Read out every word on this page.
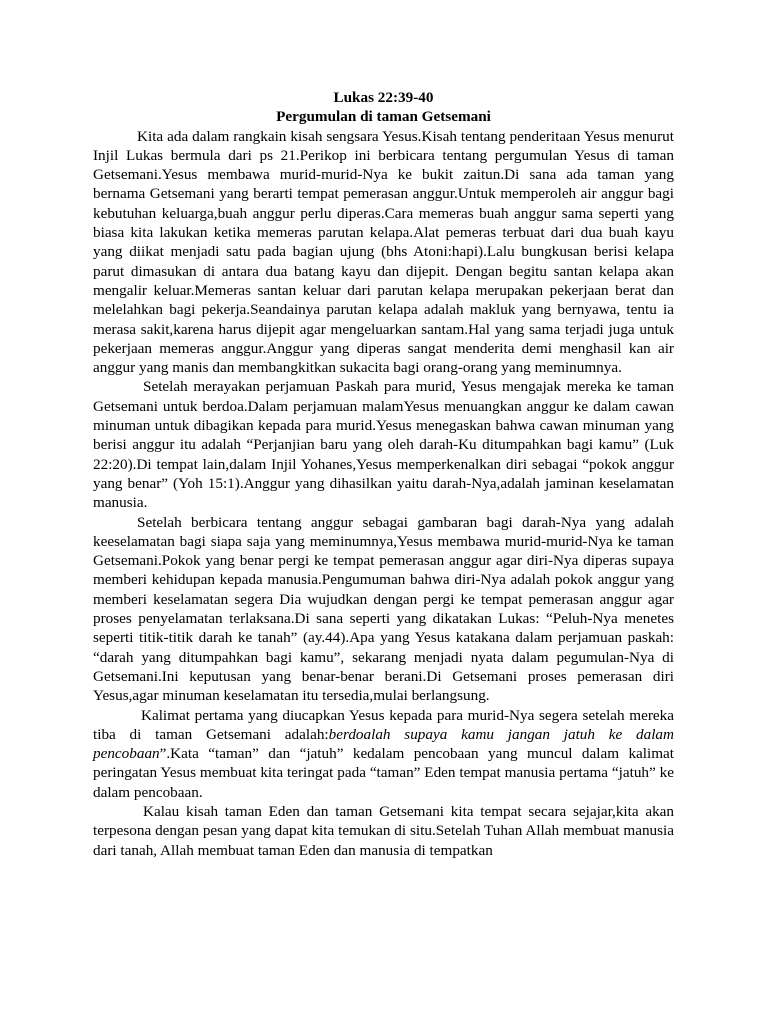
Lukas 22:39-40

Pergumulan di taman Getsemani

Kita ada dalam rangkain kisah sengsara Yesus.Kisah tentang penderitaan Yesus menurut Injil Lukas bermula dari ps 21.Perikop ini berbicara tentang pergumulan Yesus di taman Getsemani.Yesus membawa murid-murid-Nya ke bukit zaitun.Di sana ada taman yang bernama Getsemani yang berarti tempat pemerasan anggur.Untuk memperoleh air anggur bagi kebutuhan keluarga,buah anggur perlu diperas.Cara memeras buah anggur sama seperti yang biasa kita lakukan ketika memeras parutan kelapa.Alat pemeras terbuat dari dua buah kayu yang diikat menjadi satu pada bagian ujung (bhs Atoni:hapi).Lalu bungkusan berisi kelapa parut dimasukan di antara dua batang kayu dan dijepit. Dengan begitu santan kelapa akan mengalir keluar.Memeras santan keluar dari parutan kelapa merupakan pekerjaan berat dan melelahkan bagi pekerja.Seandainya parutan kelapa adalah makluk yang bernyawa, tentu ia merasa sakit,karena harus dijepit agar mengeluarkan santam.Hal yang sama terjadi juga untuk pekerjaan memeras anggur.Anggur yang diperas sangat menderita demi menghasil kan air anggur yang manis dan membangkitkan sukacita bagi orang-orang yang meminumnya.

Setelah merayakan perjamuan Paskah para murid, Yesus mengajak mereka ke taman Getsemani untuk berdoa.Dalam perjamuan malamYesus menuangkan anggur ke dalam cawan minuman untuk dibagikan kepada para murid.Yesus menegaskan bahwa cawan minuman yang berisi anggur itu adalah “Perjanjian baru yang oleh darah-Ku ditumpahkan bagi kamu” (Luk 22:20).Di tempat lain,dalam Injil Yohanes,Yesus memperkenalkan diri sebagai “pokok anggur yang benar” (Yoh 15:1).Anggur yang dihasilkan yaitu darah-Nya,adalah jaminan keselamatan manusia.

Setelah berbicara tentang anggur sebagai gambaran bagi darah-Nya yang adalah keeselamatan bagi siapa saja yang meminumnya,Yesus membawa murid-murid-Nya ke taman Getsemani.Pokok yang benar pergi ke tempat pemerasan anggur agar diri-Nya diperas supaya memberi kehidupan kepada manusia.Pengumuman bahwa diri-Nya adalah pokok anggur yang memberi keselamatan segera Dia wujudkan dengan pergi ke tempat pemerasan anggur agar proses penyelamatan terlaksana.Di sana seperti yang dikatakan Lukas: “Peluh-Nya menetes seperti titik-titik darah ke tanah” (ay.44).Apa yang Yesus katakana dalam perjamuan paskah: “darah yang ditumpahkan bagi kamu”, sekarang menjadi nyata dalam pegumulan-Nya di Getsemani.Ini keputusan yang benar-benar berani.Di Getsemani proses pemerasan diri Yesus,agar minuman keselamatan itu tersedia,mulai berlangsung.

Kalimat pertama yang diucapkan Yesus kepada para murid-Nya segera setelah mereka tiba di taman Getsemani adalah:berdoalah supaya kamu jangan jatuh ke dalam pencobaan”.Kata “taman” dan “jatuh” kedalam pencobaan yang muncul dalam kalimat peringatan Yesus membuat kita teringat pada “taman” Eden tempat manusia pertama “jatuh” ke dalam pencobaan.

Kalau kisah taman Eden dan taman Getsemani kita tempat secara sejajar,kita akan terpesona dengan pesan yang dapat kita temukan di situ.Setelah Tuhan Allah membuat manusia dari tanah, Allah membuat taman Eden dan manusia di tempatkan
